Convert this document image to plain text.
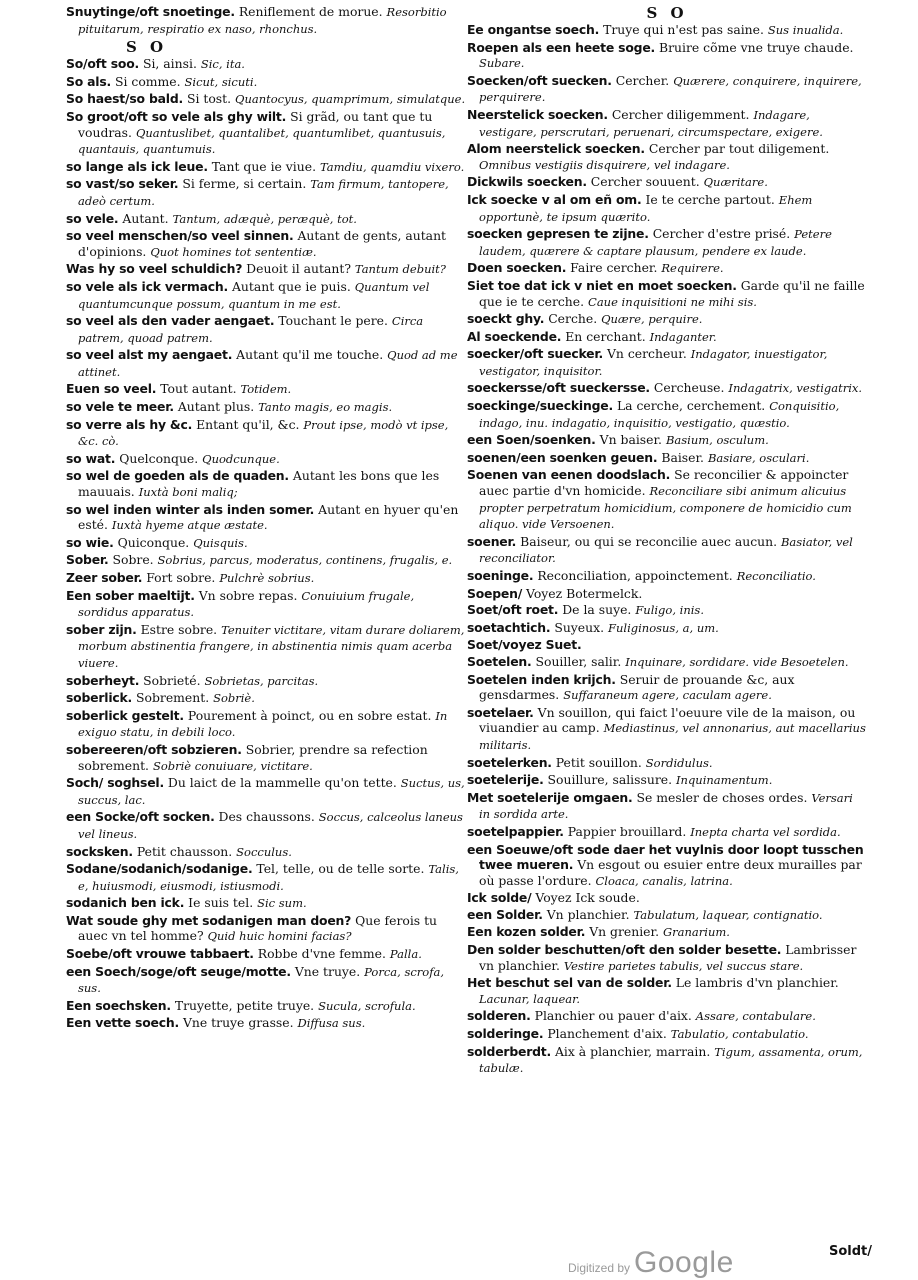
Snuytinge/oft snoetinge. Reniflement de morue. Resorbitio pituitarum, respiratio ex naso, rhonchus.

S O

So/oft soo. Si, ainsi. Sic, ita.

So als. Si comme. Sicut, sicuti.

So haest/so bald. Si tost. Quantocyus, quamprimum, simulatque.

So groot/oft so vele als ghy wilt. Si grãd, ou tant que tu voudras. Quantuslibet, quantalibet, quantumlibet, quantusuis, quantauis, quantumuis.

so lange als ick leue. Tant que ie viue. Tamdiu, quamdiu vixero.

so vast/so seker. Si ferme, si certain. Tam firmum, tantopere, adeò certum.

so vele. Autant. Tantum, adæquè, peræquè, tot.

so veel menschen/so veel sinnen. Autant de gents, autant d'opinions. Quot homines tot sententiæ.

Was hy so veel schuldich? Deuoit il autant? Tantum debuit?

so vele als ick vermach. Autant que ie puis. Quantum vel quantumcunque possum, quantum in me est.

so veel als den vader aengaet. Touchant le pere. Circa patrem, quoad patrem.

so veel alst my aengaet. Autant qu'il me touche. Quod ad me attinet.

Euen so veel. Tout autant. Totidem.

so vele te meer. Autant plus. Tanto magis, eo magis.

so verre als hy &c. Entant qu'il, &c. Prout ipse, modò vt ipse, &c. cò.

so wat. Quelconque. Quodcunque.

so wel de goeden als de quaden. Autant les bons que les mauuais. Iuxtà boni maliq;

so wel inden winter als inden somer. Autant en hyuer qu'en esté. Iuxtà hyeme atque æstate.

so wie. Quiconque. Quisquis.

Sober. Sobre. Sobrius, parcus, moderatus, continens, frugalis, e.

Zeer sober. Fort sobre. Pulchrè sobrius.

Een sober maeltijt. Vn sobre repas. Conuiuium frugale, sordidus apparatus.

sober zijn. Estre sobre. Tenuiter victitare, vitam durare doliarem, morbum abstinentia frangere, in abstinentia nimis quam acerba viuere.

soberheyt. Sobrieté. Sobrietas, parcitas.

soberlick. Sobrement. Sobriè.

soberlick gestelt. Pourement à poinct, ou en sobre estat. In exiguo statu, in debili loco.

sobereeren/oft sobzieren. Sobrier, prendre sa refection sobrement. Sobriè conuiuare, victitare.

Soch/ soghsel. Du laict de la mammelle qu'on tette. Suctus, us, succus, lac.

een Socke/oft socken. Des chaussons. Soccus, calceolus laneus vel lineus.

socksken. Petit chausson. Socculus.

Sodane/sodanich/sodanige. Tel, telle, ou de telle sorte. Talis, e, huiusmodi, eiusmodi, istiusmodi.

sodanich ben ick. Ie suis tel. Sic sum.

Wat soude ghy met sodanigen man doen? Que ferois tu auec vn tel homme? Quid huic homini facias?

Soebe/oft vrouwe tabbaert. Robbe d'vne femme. Palla.

een Soech/soge/oft seuge/motte. Vne truye. Porca, scrofa, sus.

Een soechsken. Truyette, petite truye. Sucula, scrofula.

Een vette soech. Vne truye grasse. Diffusa sus.

S O

Ee ongantse soech. Truye qui n'est pas saine. Sus inualida.

Roepen als een heete soge. Bruire cõme vne truye chaude. Subare.

Soecken/oft suecken. Cercher. Quærere, conquirere, inquirere, perquirere.

Neerstelick soecken. Cercher diligemment. Indagare, vestigare, perscrutari, peruenari, circumspectare, exigere.

Alom neerstelick soecken. Cercher par tout diligement. Omnibus vestigiis disquirere, vel indagare.

Dickwils soecken. Cercher souuent. Quæritare.

Ick soecke v al om eñ om. Ie te cerche partout. Ehem opportunè, te ipsum quærito.

soecken gepresen te zijne. Cercher d'estre prisé. Petere laudem, quærere & captare plausum, pendere ex laude.

Doen soecken. Faire cercher. Requirere.

Siet toe dat ick v niet en moet soecken. Garde qu'il ne faille que ie te cerche. Caue inquisitioni ne mihi sis.

soeckt ghy. Cerche. Quære, perquire.

Al soeckende. En cerchant. Indaganter.

soecker/oft suecker. Vn cercheur. Indagator, inuestigator, vestigator, inquisitor.

soeckersse/oft sueckersse. Cercheuse. Indagatrix, vestigatrix.

soeckinge/sueckinge. La cerche, cerchement. Conquisitio, indago, inu. indagatio, inquisitio, vestigatio, quæstio.

een Soen/soenken. Vn baiser. Basium, osculum.

soenen/een soenken geuen. Baiser. Basiare, osculari.

Soenen van eenen doodslach. Se reconcilier & appoincter auec partie d'vn homicide. Reconciliare sibi animum alicuius propter perpetratum homicidium, componere de homicidio cum aliquo. vide Versoenen.

soener. Baiseur, ou qui se reconcilie auec aucun. Basiator, vel reconciliator.

soeninge. Reconciliation, appoinctement. Reconciliatio.

Soepen/ Voyez Botermelck.

Soet/oft roet. De la suye. Fuligo, inis.

soetachtich. Suyeux. Fuliginosus, a, um.

Soet/voyez Suet.

Soetelen. Souiller, salir. Inquinare, sordidare. vide Besoetelen.

Soetelen inden krijch. Seruir de prouande &c, aux gensdarmes. Suffaraneum agere, caculam agere.

soetelaer. Vn souillon, qui faict l'oeuure vile de la maison, ou viuandier au camp. Mediastinus, vel annonarius, aut macellarius militaris.

soetelerken. Petit souillon. Sordidulus.

soetelerije. Souillure, salissure. Inquinamentum.

Met soetelerije omgaen. Se mesler de choses ordes. Versari in sordida arte.

soetelpappier. Pappier brouillard. Inepta charta vel sordida.

een Soeuwe/oft sode daer het vuylnis door loopt tusschen twee mueren. Vn esgout ou esuier entre deux murailles par où passe l'ordure. Cloaca, canalis, latrina.

Ick solde/ Voyez Ick soude.

een Solder. Vn planchier. Tabulatum, laquear, contignatio.

Een kozen solder. Vn grenier. Granarium.

Den solder beschutten/oft den solder besette. Lambrisser vn planchier. Vestire parietes tabulis, vel succus stare.

Het beschut sel van de solder. Le lambris d'vn planchier. Lacunar, laquear.

solderen. Planchier ou pauer d'aix. Assare, contabulare.

solderinge. Planchement d'aix. Tabulatio, contabulatio.

solderberdt. Aix à planchier, marrain. Tigum, assamenta, orum, tabulæ.

Soldt/
Digitized by Google
